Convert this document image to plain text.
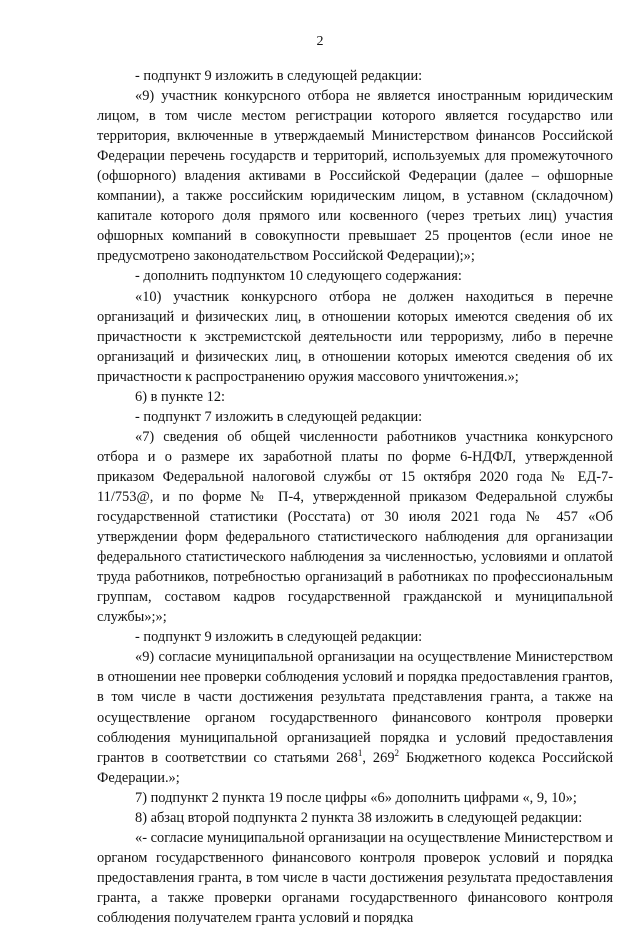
2

- подпункт 9 изложить в следующей редакции:

«9) участник конкурсного отбора не является иностранным юридическим лицом, в том числе местом регистрации которого является государство или территория, включенные в утверждаемый Министерством финансов Российской Федерации перечень государств и территорий, используемых для промежуточного (офшорного) владения активами в Российской Федерации (далее – офшорные компании), а также российским юридическим лицом, в уставном (складочном) капитале которого доля прямого или косвенного (через третьих лиц) участия офшорных компаний в совокупности превышает 25 процентов (если иное не предусмотрено законодательством Российской Федерации);»;

- дополнить подпунктом 10 следующего содержания:

«10) участник конкурсного отбора не должен находиться в перечне организаций и физических лиц, в отношении которых имеются сведения об их причастности к экстремистской деятельности или терроризму, либо в перечне организаций и физических лиц, в отношении которых имеются сведения об их причастности к распространению оружия массового уничтожения.»;

6) в пункте 12:

- подпункт 7 изложить в следующей редакции:

«7) сведения об общей численности работников участника конкурсного отбора и о размере их заработной платы по форме 6-НДФЛ, утвержденной приказом Федеральной налоговой службы от 15 октября 2020 года № ЕД-7-11/753@, и по форме № П-4, утвержденной приказом Федеральной службы государственной статистики (Росстата) от 30 июля 2021 года № 457 «Об утверждении форм федерального статистического наблюдения для организации федерального статистического наблюдения за численностью, условиями и оплатой труда работников, потребностью организаций в работниках по профессиональным группам, составом кадров государственной гражданской и муниципальной службы»;»;

- подпункт 9 изложить в следующей редакции:

«9) согласие муниципальной организации на осуществление Министерством в отношении нее проверки соблюдения условий и порядка предоставления грантов, в том числе в части достижения результата представления гранта, а также на осуществление органом государственного финансового контроля проверки соблюдения муниципальной организацией порядка и условий предоставления грантов в соответствии со статьями $268^1$, $269^2$ Бюджетного кодекса Российской Федерации.»;

7) подпункт 2 пункта 19 после цифры «6» дополнить цифрами «, 9, 10»;

8) абзац второй подпункта 2 пункта 38 изложить в следующей редакции:

«- согласие муниципальной организации на осуществление Министерством и органом государственного финансового контроля проверок условий и порядка предоставления гранта, в том числе в части достижения результата предоставления гранта, а также проверки органами государственного финансового контроля соблюдения получателем гранта условий и порядка
